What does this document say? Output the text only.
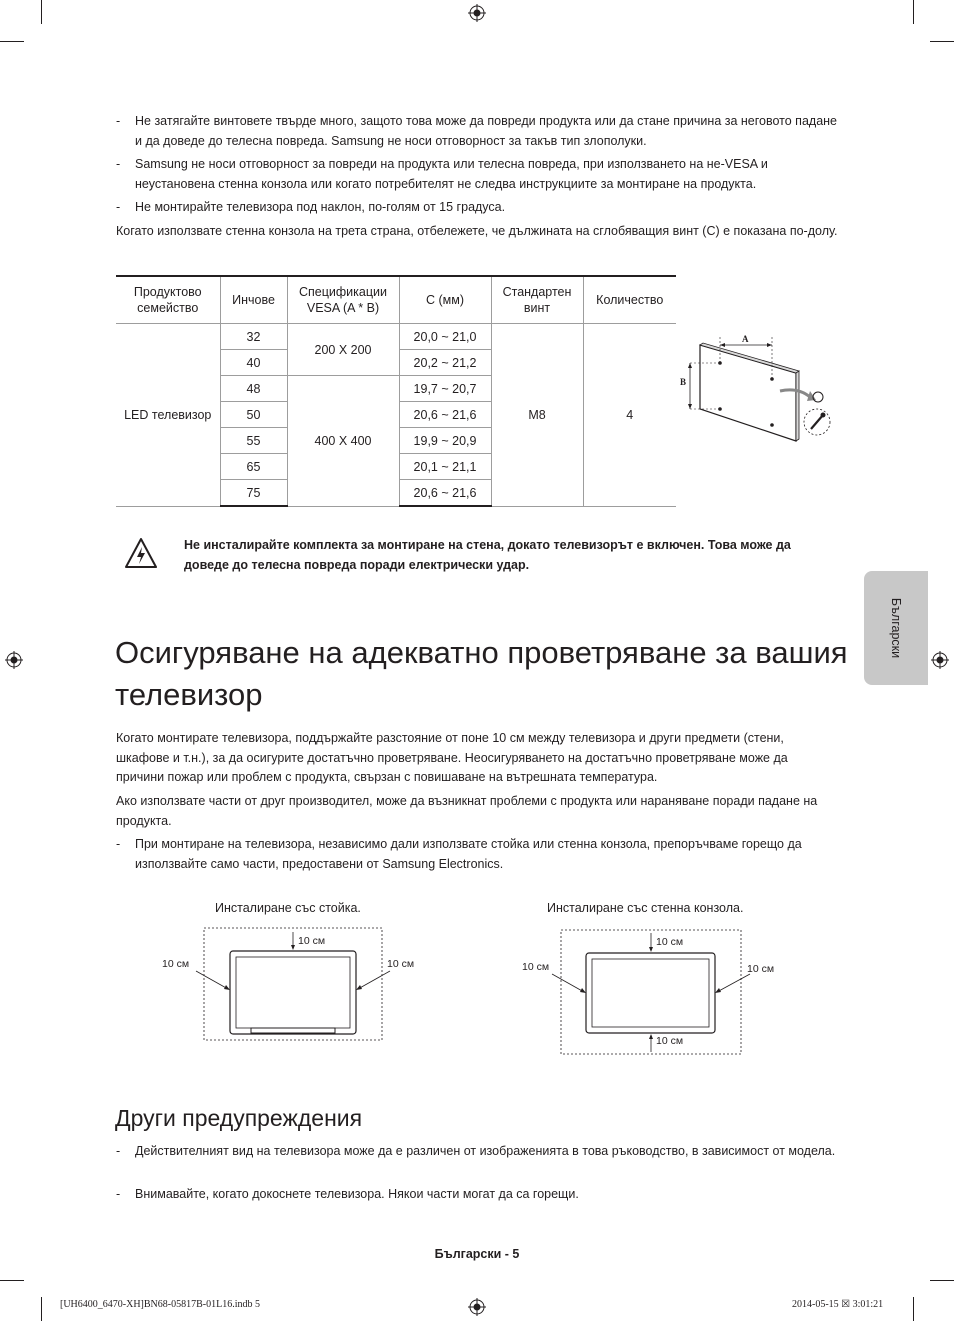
-	Не затягайте винтовете твърде много, защото това може да повреди продукта или да стане причина за неговото падане и да доведе до телесна повреда. Samsung не носи отговорност за такъв тип злополуки.
-	Samsung не носи отговорност за повреди на продукта или телесна повреда, при използването на не-VESA и неустановена стенна конзола или когато потребителят не следва инструкциите за монтиране на продукта.
-	Не монтирайте телевизора под наклон, по-голям от 15 градуса.
Когато използвате стенна конзола на трета страна, отбележете, че дължината на сглобяващия винт (C) е показана по-долу.
Продуктово семейство	Инчове	Спецификации VESA (A * B)	C (мм)	Стандартен винт	Количество
LED телевизор	32	200 X 200	20,0 ~ 21,0	M8	4
	40		20,2 ~ 21,2		
	48	400 X 400	19,7 ~ 20,7		
	50		20,6 ~ 21,6		
	55		19,9 ~ 20,9		
	65		20,1 ~ 21,1		
	75		20,6 ~ 21,6		
A
B
Не инсталирайте комплекта за монтиране на стена, докато телевизорът е включен. Това може да доведе до телесна повреда поради електрически удар.
Български
Осигуряване на адекватно проветряване за вашия телевизор
Когато монтирате телевизора, поддържайте разстояние от поне 10 см между телевизора и други предмети (стени, шкафове и т.н.), за да осигурите достатъчно проветряване. Неосигуряването на достатъчно проветряване може да причини пожар или проблем с продукта, свързан с повишаване на вътрешната температура.
Ако използвате части от друг производител, може да възникнат проблеми с продукта или нараняване поради падане на продукта.
-	При монтиране на телевизора, независимо дали използвате стойка или стенна конзола, препоръчваме горещо да използвайте само части, предоставени от Samsung Electronics.
Инсталиране със стойка.	Инсталиране със стенна конзола.
10 см
10 см	10 см
10 см
10 см
10 см	10 см
Други предупреждения
-	Действителният вид на телевизора може да е различен от изображенията в това ръководство, в зависимост от модела.
-	Внимавайте, когато докоснете телевизора. Някои части могат да са горещи.
Български - 5
[UH6400_6470-XH]BN68-05817B-01L16.indb 5	2014-05-15 ☒ 3:01:21
